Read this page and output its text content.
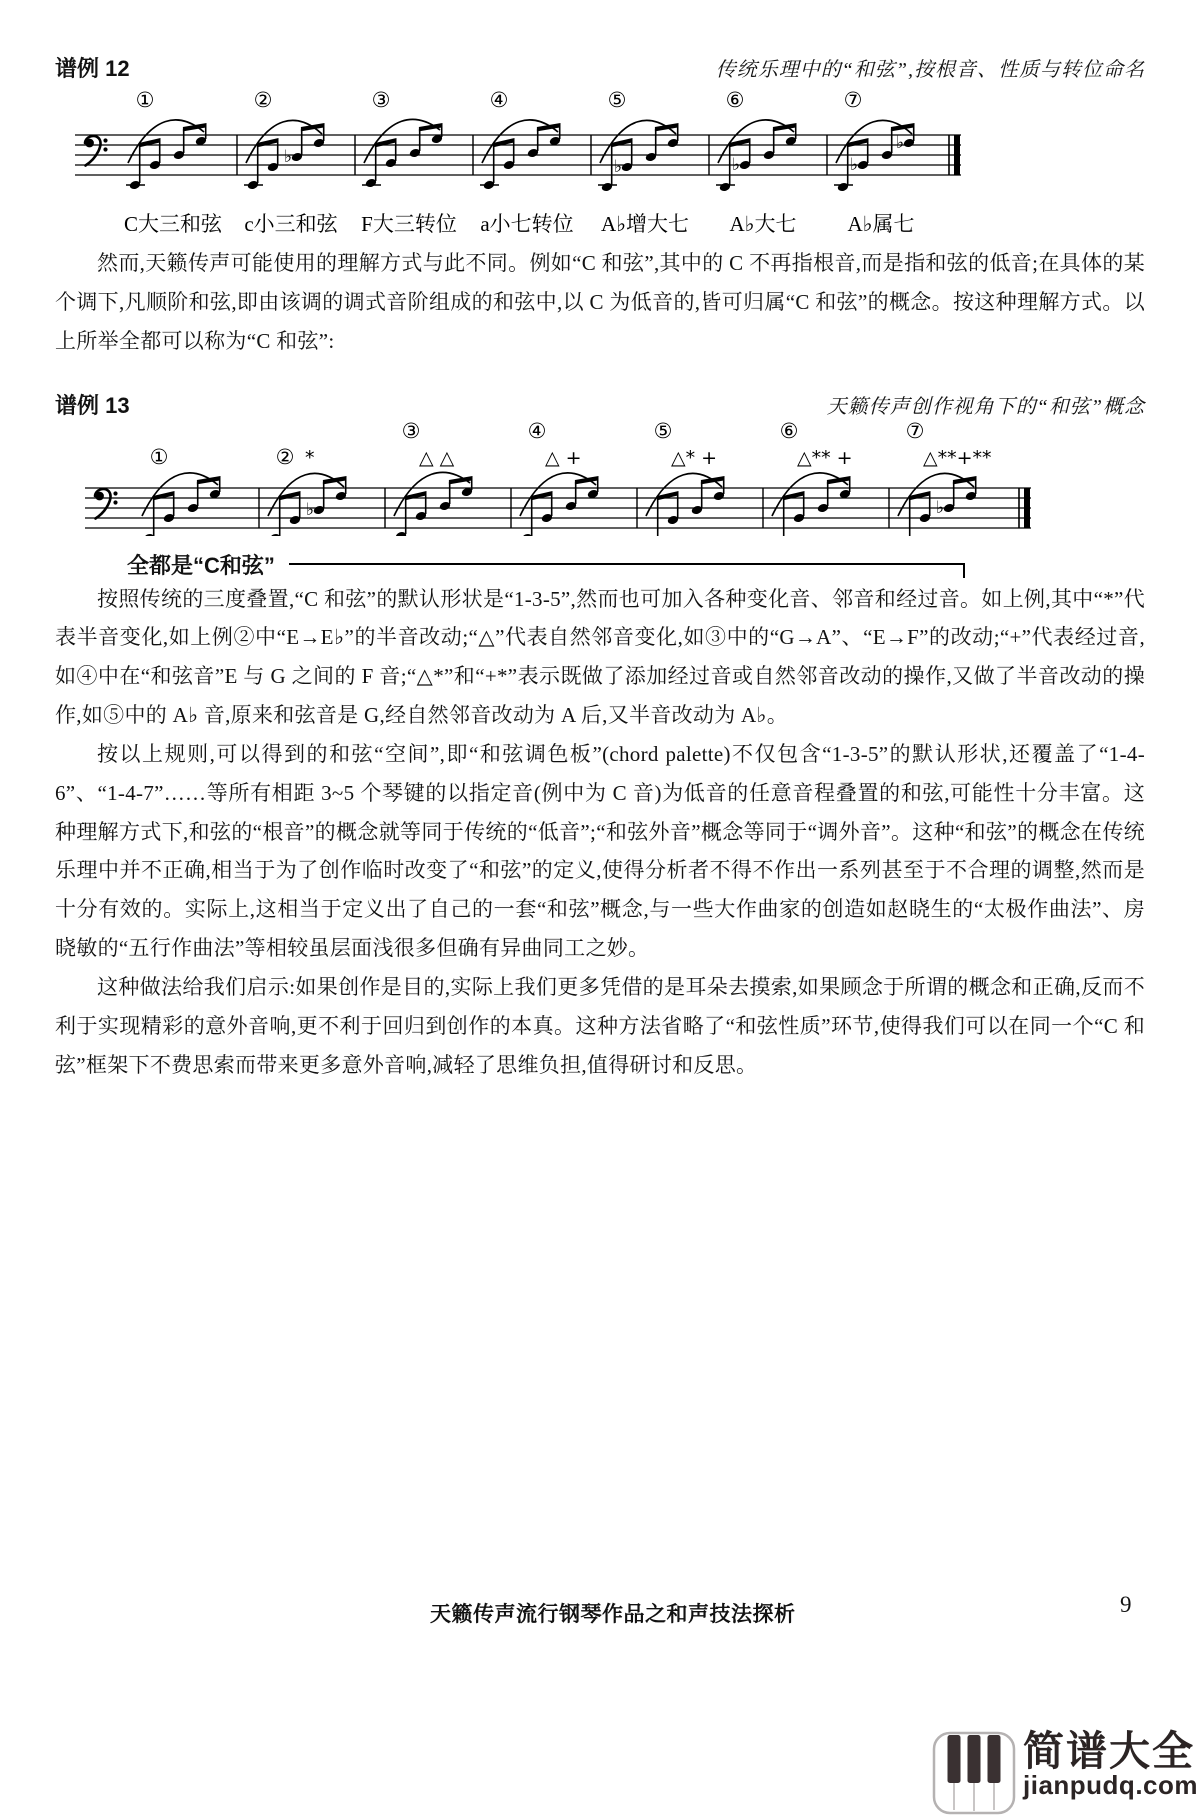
谱例 12	传统乐理中的“和弦”,按根音、性质与转位命名
①
C大三和弦
♭
②
c小三和弦
③
F大三转位
④
a小七转位
♭
⑤
A♭增大七
♭
⑥
A♭大七
♭
♭
⑦
A♭属七

然而,天籁传声可能使用的理解方式与此不同。例如“C 和弦”,其中的 C 不再指根音,而是指和弦的低音;在具体的某个调下,凡顺阶和弦,即由该调的调式音阶组成的和弦中,以 C 为低音的,皆可归属“C 和弦”的概念。按这种理解方式。以上所举全都可以称为“C 和弦”:

谱例 13	天籁传声创作视角下的“和弦”概念
①
♭
② *
③
△ △
④
△ +
⑤
△* +
⑥
△** +
♭
⑦
△**+**
全都是“C和弦”

按照传统的三度叠置,“C 和弦”的默认形状是“1-3-5”,然而也可加入各种变化音、邻音和经过音。如上例,其中“*”代表半音变化,如上例②中“E→E♭”的半音改动;“△”代表自然邻音变化,如③中的“G→A”、“E→F”的改动;“+”代表经过音,如④中在“和弦音”E 与 G 之间的 F 音;“△*”和“+*”表示既做了添加经过音或自然邻音改动的操作,又做了半音改动的操作,如⑤中的 A♭ 音,原来和弦音是 G,经自然邻音改动为 A 后,又半音改动为 A♭。

按以上规则,可以得到的和弦“空间”,即“和弦调色板”(chord palette)不仅包含“1-3-5”的默认形状,还覆盖了“1-4-6”、“1-4-7”……等所有相距 3~5 个琴键的以指定音(例中为 C 音)为低音的任意音程叠置的和弦,可能性十分丰富。这种理解方式下,和弦的“根音”的概念就等同于传统的“低音”;“和弦外音”概念等同于“调外音”。这种“和弦”的概念在传统乐理中并不正确,相当于为了创作临时改变了“和弦”的定义,使得分析者不得不作出一系列甚至于不合理的调整,然而是十分有效的。实际上,这相当于定义出了自己的一套“和弦”概念,与一些大作曲家的创造如赵晓生的“太极作曲法”、房晓敏的“五行作曲法”等相较虽层面浅很多但确有异曲同工之妙。

这种做法给我们启示:如果创作是目的,实际上我们更多凭借的是耳朵去摸索,如果顾念于所谓的概念和正确,反而不利于实现精彩的意外音响,更不利于回归到创作的本真。这种方法省略了“和弦性质”环节,使得我们可以在同一个“C 和弦”框架下不费思索而带来更多意外音响,减轻了思维负担,值得研讨和反思。

天籁传声流行钢琴作品之和声技法探析	9
简谱大全
jianpudq.com
